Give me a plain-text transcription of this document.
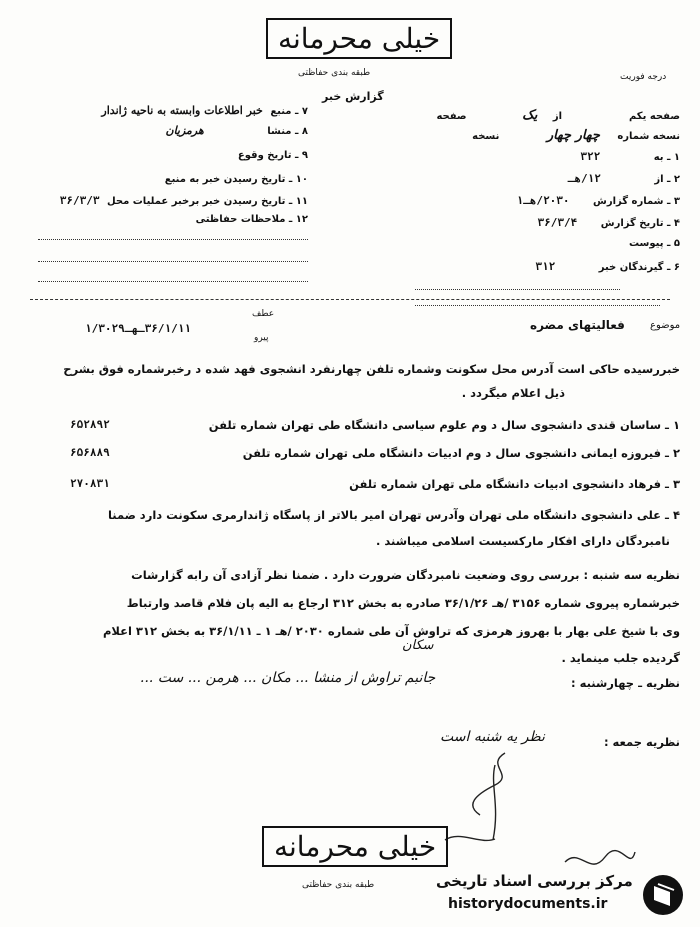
خیلی محرمانه
طبقه بندی حفاظتی	درجه فوریت
گزارش خبر
صفحه یکم  از یک صفحه
نسخه شماره چهار چهار نسخه
۱ ـ به ۳۲۲
۲ ـ از ۱۲/هـ
۳ ـ شماره گزارش ۲۰۳۰/هـ۱
۴ ـ تاریخ گزارش ۳۶/۳/۴
۵ ـ پیوست
۶ ـ گیرندگان خبر ۳۱۲
۷ ـ منبع خبر اطلاعات وابسته به ناحیه ژاندار
۸ ـ منشا هرمزیان
۹ ـ تاریخ وقوع
۱۰ ـ تاریخ رسیدن خبر به منبع
۱۱ ـ تاریخ رسیدن خبر برخبر عملیات محل ۳۶/۳/۳
۱۲ ـ ملاحظات حفاظتی
موضوع
فعالیتهای مضره
عطف
پیرو
۳۶/۱/۱۱ـهـ۱/۳۰۲۹
خبررسیده حاکی است آدرس محل سکونت وشماره تلفن چهارنفرد انشجوی فهد شده د رخبرشماره فوق بشرح
ذیل اعلام میگردد .
۱ ـ ساسان قندی دانشجوی سال د وم علوم سیاسی دانشگاه طی تهران شماره تلفن
۶۵۲۸۹۲
۲ ـ فیروزه ایمانی دانشجوی سال د وم ادبیات دانشگاه ملی تهران شماره تلفن
۶۵۶۸۸۹
۳ ـ فرهاد دانشجوی ادبیات دانشگاه ملی تهران شماره تلفن
۲۷۰۸۳۱
۴ ـ علی دانشجوی دانشگاه ملی تهران وآدرس تهران امیر بالاتر از پاسگاه ژاندارمری سکونت دارد ضمنا
نامبردگان دارای افکار مارکسیست اسلامی میباشند .
نظریه سه شنبه : بررسی روی وضعیت نامبردگان ضرورت دارد . ضمنا نظر آزادی آن رابه گزارشات
خبرشماره پیروی شماره ۳۱۵۶ /هـ ۳۶/۱/۲۶ صادره به بخش ۳۱۲ ارجاع به الیه پان فلام قاصد وارتباط
وی با شیخ علی بهار با بهروز هرمزی که تراوش آن طی شماره ۲۰۳۰ /هـ ۱ ـ ۳۶/۱/۱۱ به بخش ۳۱۲ اعلام
گردیده جلب مینماید .
سکان
نظریه ـ چهارشنبه :
جانبم تراوش از منشا ... مکان ... هرمن ... ست ...
نظریه جمعه :
نظر یه شنبه است
خیلی محرمانه
طبقه بندی حفاظتی	مرکز بررسی اسناد تاریخی
historydocuments.ir
